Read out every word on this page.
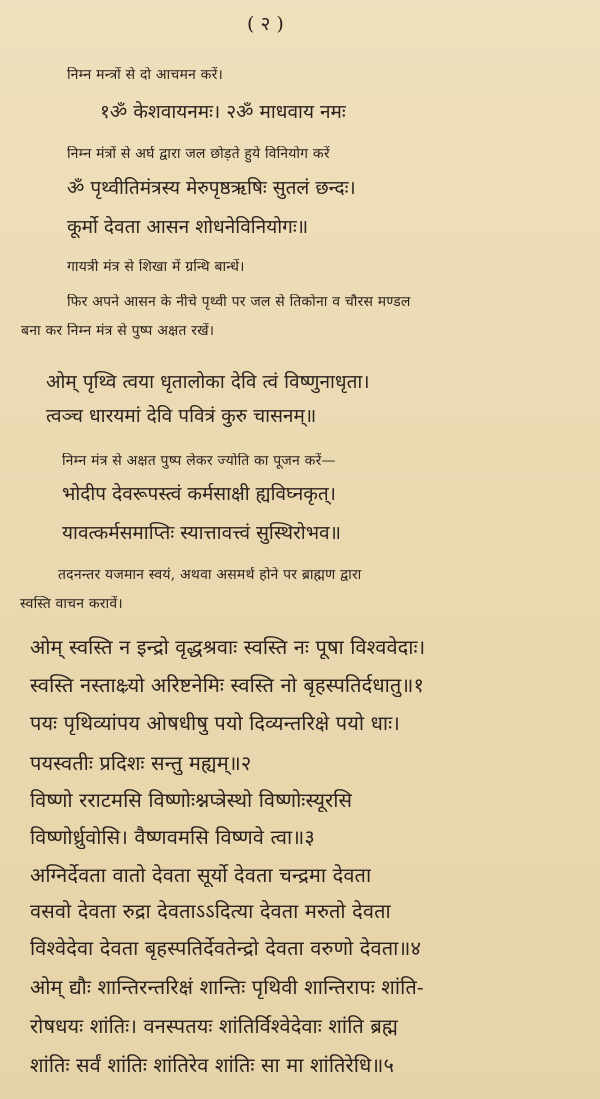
( २ )
निम्न मन्त्रों से दो आचमन करें।
१ॐ केशवायनमः। २ॐ माधवाय नमः
निम्न मंत्रों से अर्घ द्वारा जल छोड़ते हुये विनियोग करें
ॐ पृथ्वीतिमंत्रस्य मेरुपृष्ठऋषिः सुतलं छन्दः।
कूर्मो देवता आसन शोधनेविनियोगः॥
गायत्री मंत्र से शिखा में ग्रन्थि बान्धें।
फिर अपने आसन के नीचे पृथ्वी पर जल से तिकोना व चौरस मण्डल
बना कर निम्न मंत्र से पुष्प अक्षत रखें।
ओम् पृथ्वि त्वया धृतालोका देवि त्वं विष्णुनाधृता।
त्वञ्च धारयमां देवि पवित्रं कुरु चासनम्॥
निम्न मंत्र से अक्षत पुष्प लेकर ज्योति का पूजन करें—
भोदीप देवरूपस्त्वं कर्मसाक्षी ह्यविघ्नकृत्।
यावत्कर्मसमाप्तिः स्यात्तावत्त्वं सुस्थिरोभव॥
तदनन्तर यजमान स्वयं, अथवा असमर्थ होने पर ब्राह्मण द्वारा
स्वस्ति वाचन करावें।
ओम् स्वस्ति न इन्द्रो वृद्धश्रवाः स्वस्ति नः पूषा विश्ववेदाः।
स्वस्ति नस्ताक्ष्र्यो अरिष्टनेमिः स्वस्ति नो बृहस्पतिर्दधातु॥१
पयः पृथिव्यांपय ओषधीषु पयो दिव्यन्तरिक्षे पयो धाः।
पयस्वतीः प्रदिशः सन्तु मह्यम्॥२
विष्णो रराटमसि विष्णोःश्नप्त्रेस्थो विष्णोःस्यूरसि
विष्णोर्ध्रुवोसि। वैष्णवमसि विष्णवे त्वा॥३
अग्निर्देवता वातो देवता सूर्यो देवता चन्द्रमा देवता
वसवो देवता रुद्रा देवताऽऽदित्या देवता मरुतो देवता
विश्वेदेवा देवता बृहस्पतिर्देवतेन्द्रो देवता वरुणो देवता॥४
ओम् द्यौः शान्तिरन्तरिक्षं शान्तिः पृथिवी शान्तिरापः शांति-
रोषधयः शांतिः। वनस्पतयः शांतिर्विश्वेदेवाः शांति ब्रह्म
शांतिः सर्वं शांतिः शांतिरेव शांतिः सा मा शांतिरेधि॥५
